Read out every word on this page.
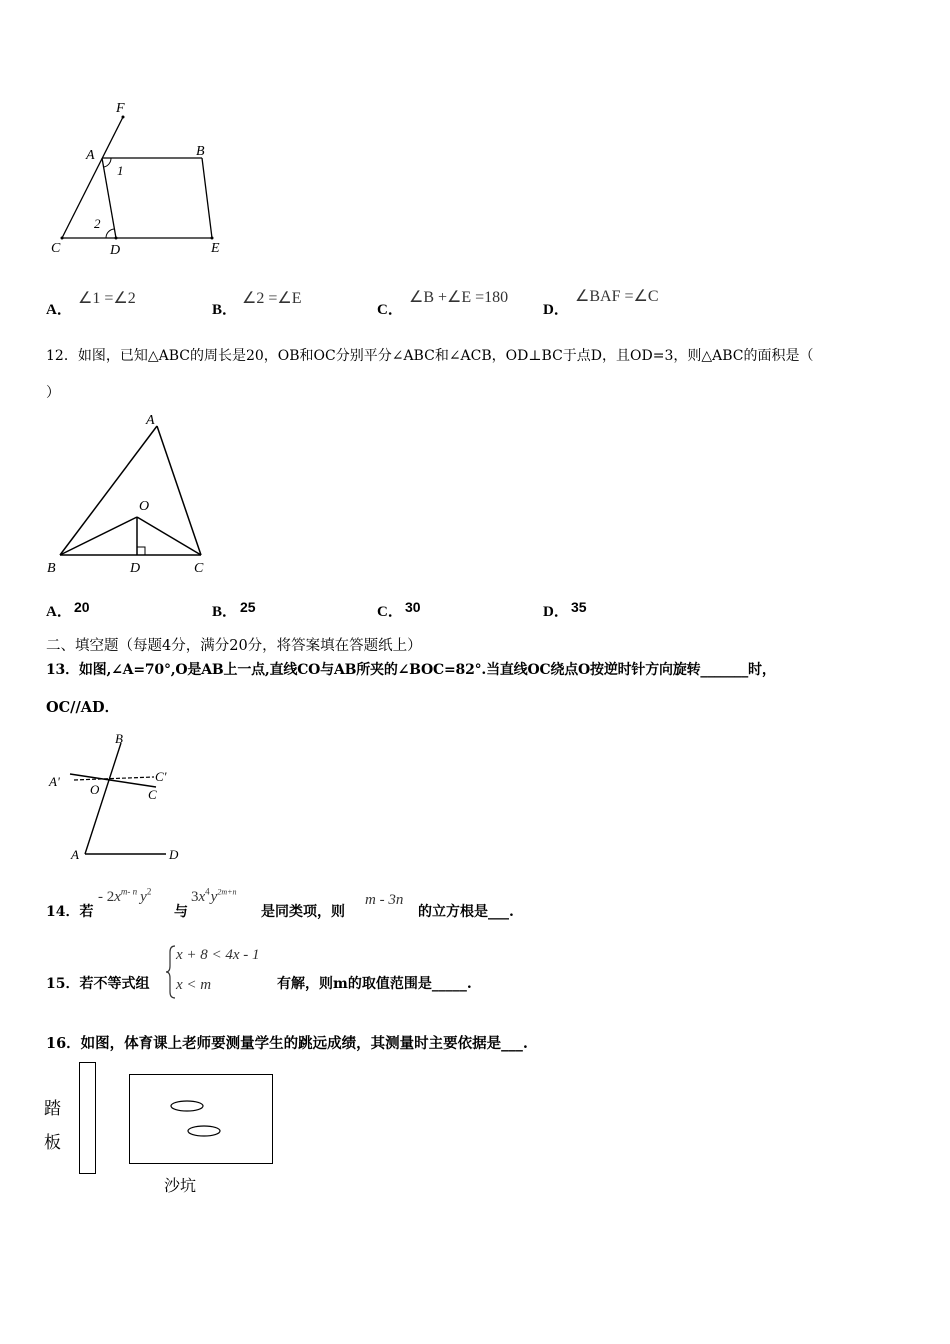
F
A	B
C	D	E
1
2
A．
∠1 =∠2
B．
∠2 =∠E
C．
∠B +∠E =180
D．
∠BAF =∠C
12．如图，已知△ABC的周长是20，OB和OC分别平分∠ABC和∠ACB，OD⊥BC于点D，且OD=3，则△ABC的面积是（
）
A
O
B	D	C
A． 20	B． 25	C． 30	D． 35
二、填空题（每题4分，满分20分，将答案填在答题纸上）
13．如图,∠A=70°,O是AB上一点,直线CO与AB所夹的∠BOC=82°.当直线OC绕点O按逆时针方向旋转_______时，
OC//AD．
B
A'	C'
O	C
A	D
14．若
- $2x^{m- n}$ $y^2$
与
$3x^4y^{2m+n}$
是同类项，则
m - 3n
的立方根是___.
15．若不等式组
x + 8 < 4x - 1
x < m	有解，则m的取值范围是_____.
16．如图，体育课上老师要测量学生的跳远成绩，其测量时主要依据是___.
踏
板
沙坑
